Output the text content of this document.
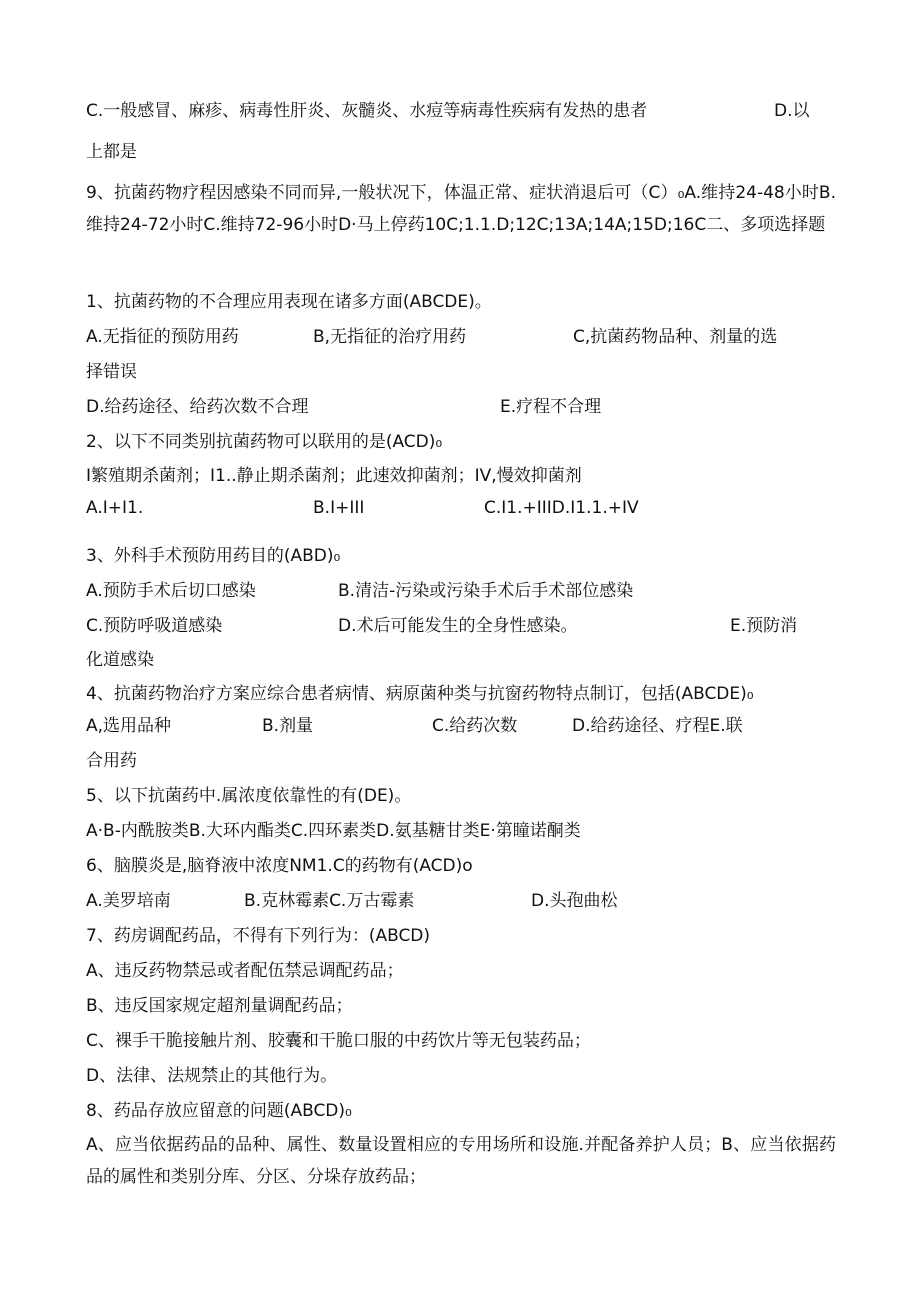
C.一般感冒、麻疹、病毒性肝炎、灰髓炎、水痘等病毒性疾病有发热的患者	D.以
上都是
9、抗菌药物疗程因感染不同而异,一般状况下，体温正常、症状消退后可（C）₀A.维持24-48小时B.维持24-72小时C.维持72-96小时D·马上停药10C;1.1.D;12C;13A;14A;15D;16C二、多项选择题
1、抗菌药物的不合理应用表现在诸多方面(ABCDE)。
A.无指征的预防用药	B,无指征的治疗用药	C,抗菌药物品种、剂量的选
择错误
D.给药途径、给药次数不合理	E.疗程不合理
2、以下不同类别抗菌药物可以联用的是(ACD)₀
I繁殖期杀菌剂；I1..静止期杀菌剂；此速效抑菌剂；IV,慢效抑菌剂
A.I+I1.	B.I+III	C.I1.+IIID.I1.1.+IV
3、外科手术预防用药目的(ABD)₀
A.预防手术后切口感染	B.清洁-污染或污染手术后手术部位感染
C.预防呼吸道感染	D.术后可能发生的全身性感染。	E.预防消
化道感染
4、抗菌药物治疗方案应综合患者病情、病原菌种类与抗窗药物特点制订，包括(ABCDE)₀
A,选用品种	B.剂量	C.给药次数	D.给药途径、疗程E.联
合用药
5、以下抗菌药中.属浓度依靠性的有(DE)。
A·B-内酰胺类B.大环内酯类C.四环素类D.氨基糖甘类E·第瞳诺酮类
6、脑膜炎是,脑脊液中浓度NM1.C的药物有(ACD)o
A.美罗培南	B.克林霉素C.万古霉素	D.头孢曲松
7、药房调配药品，不得有下列行为：(ABCD)
A、违反药物禁忌或者配伍禁忌调配药品；
B、违反国家规定超剂量调配药品；
C、裸手干脆接触片剂、胶囊和干脆口服的中药饮片等无包装药品；
D、法律、法规禁止的其他行为。
8、药品存放应留意的问题(ABCD)₀
A、应当依据药品的品种、属性、数量设置相应的专用场所和设施.并配备养护人员；B、应当依据药品的属性和类别分库、分区、分垛存放药品；
